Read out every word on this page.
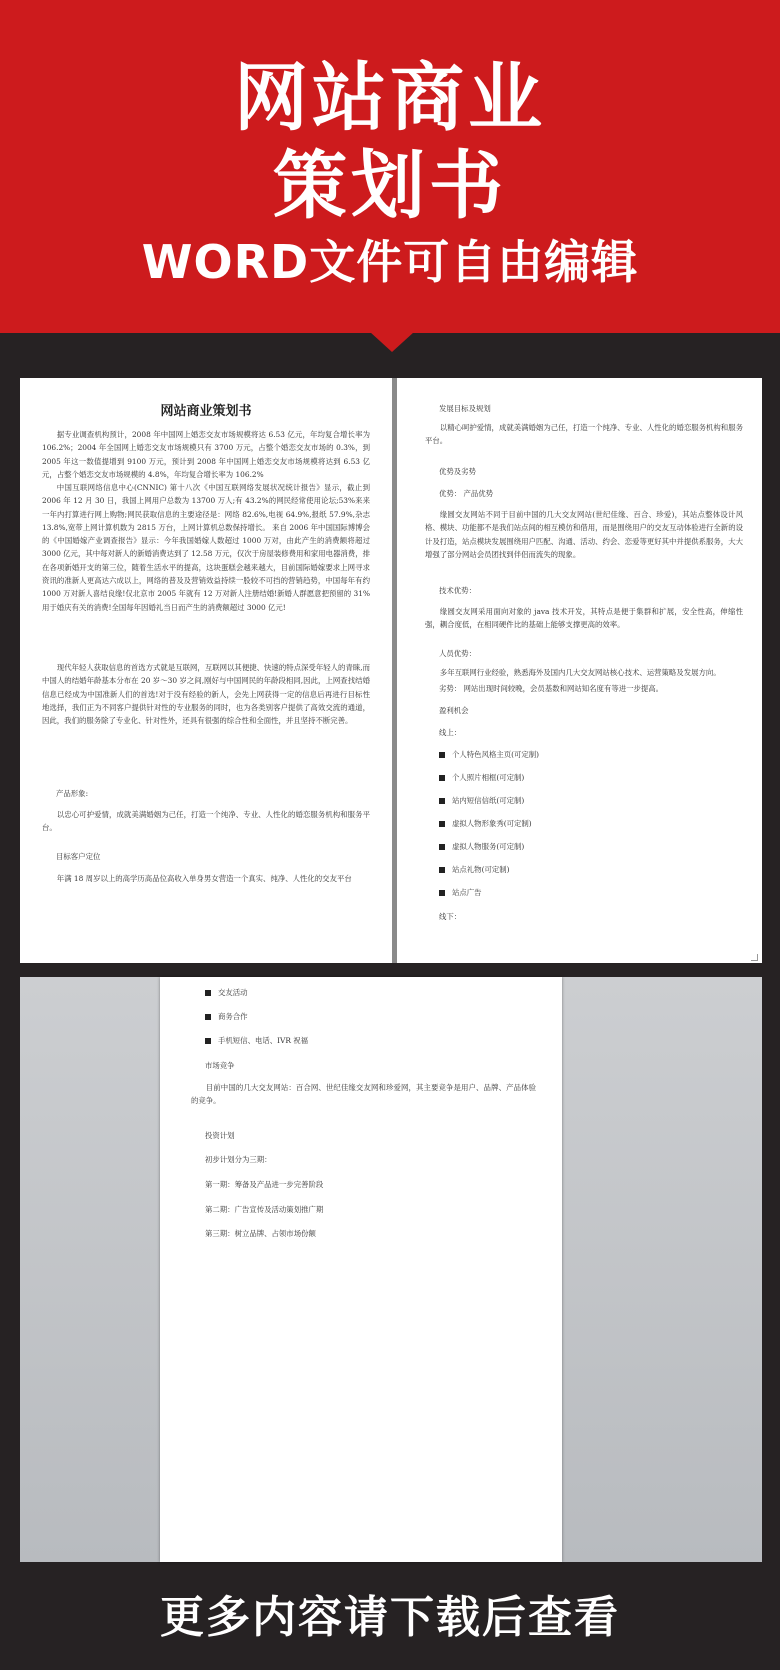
网站商业
策划书
WORD文件可自由编辑
网站商业策划书
据专业调查机构预计，2008 年中国网上婚恋交友市场规模将达 6.53 亿元，年均复合增长率为 106.2%；2004 年全国网上婚恋交友市场规模只有 3700 万元，占整个婚恋交友市场的 0.3%，到 2005 年这一数值提增到 9100 万元，预计到 2008 年中国网上婚恋交友市场规模将达到 6.53 亿元，占整个婚恋交友市场规模的 4.8%，年均复合增长率为 106.2%
中国互联网络信息中心(CNNIC) 第十八次《中国互联网络发展状况统计报告》显示，截止到 2006 年 12 月 30 日，我国上网用户总数为 13700 万人;有 43.2%的网民经常使用论坛;53%来来一年内打算进行网上购物;网民获取信息的主要途径是：网络 82.6%,电视 64.9%,报纸 57.9%,杂志 13.8%,宽带上网计算机数为 2815 万台，上网计算机总数保持增长。 来自 2006 年中国国际博博会的《中国婚嫁产业调查报告》显示：今年我国婚嫁人数超过 1000 万对，由此产生的消费额将超过 3000 亿元，其中每对新人的新婚消费达到了 12.58 万元，仅次于房屋装修费用和家用电器消费，排在各项新婚开支的第三位，随着生活水平的提高，这块蛋糕会越来越大，目前国际婚嫁要求上网寻求资讯的准新人更高达六成以上，网络的普及及营销效益持续一股较不可挡的营销趋势，中国每年有约 1000 万对新人喜结良缘!仅北京市 2005 年就有 12 万对新人注册结婚!新婚人群愿意把预留的 31%用于婚庆有关的消费!全国每年因婚礼当日而产生的消费额超过 3000 亿元!
现代年轻人获取信息的首选方式就是互联网，互联网以其便捷、快速的特点深受年轻人的青睐,而中国人的结婚年龄基本分布在 20 岁～30 岁之间,刚好与中国网民的年龄段相同,因此，上网查找结婚信息已经成为中国准新人们的首选!对于没有经验的新人，会先上网获得一定的信息后再进行目标性地选择，我们正为不同客户提供针对性的专业服务的同时，也为各类别客户提供了高效交流的通道，因此，我们的服务除了专业化、针对性外，还具有很强的综合性和全面性，并且坚持不断完善。
产品形象:
以忠心可护爱情，成就美满婚姻为己任，打造一个纯净、专业、人性化的婚恋服务机构和服务平台。
目标客户定位
年满 18 周岁以上的高学历高品位高收入单身男女营造一个真实、纯净、人性化的交友平台
发展目标及规划
以精心呵护爱情，成就美满婚姻为己任，打造一个纯净、专业、人性化的婚恋服务机构和服务平台。
优势及劣势
优势： 产品优势
缘圆交友网站不同于目前中国的几大交友网站(世纪佳缘、百合、珍爱)，其站点整体设计风格、模块、功能都不是我们站点间的相互模仿和借用，而是围绕用户的交友互动体验进行全新的设计及打造，站点模块发展围绕用户匹配、沟通、活动、约会、恋爱等更好其中并提供系服务，大大增强了部分网站会员团找到伴侣而流失的现象。
技术优势：
缘圆交友网采用面向对象的 java 技术开发，其特点是便于集群和扩展，安全性高，伸缩性强，耦合度低，在相同硬件比的基础上能够支撑更高的效率。
人员优势：
多年互联网行业经验，熟悉海外及国内几大交友网站核心技术、运营策略及发展方向。
劣势： 网站出现时间较晚，会员基数和网站知名度有等进一步提高。
盈利机会
线上：
个人特色风格主页(可定制)
个人照片相框(可定制)
站内短信信纸(可定制)
虚拟人物形象秀(可定制)
虚拟人物服务(可定制)
站点礼物(可定制)
站点广告
线下：
交友活动
商务合作
手机短信、电话、IVR 祝福
市场竞争
目前中国的几大交友网站：百合网、世纪佳缘交友网和珍爱网，其主要竞争是用户、品牌、产品体验的竞争。
投资计划
初步计划分为三期：
第一期：筹备及产品进一步完善阶段
第二期：广告宣传及活动策划推广期
第三期：树立品牌、占领市场份额
更多内容请下载后查看
